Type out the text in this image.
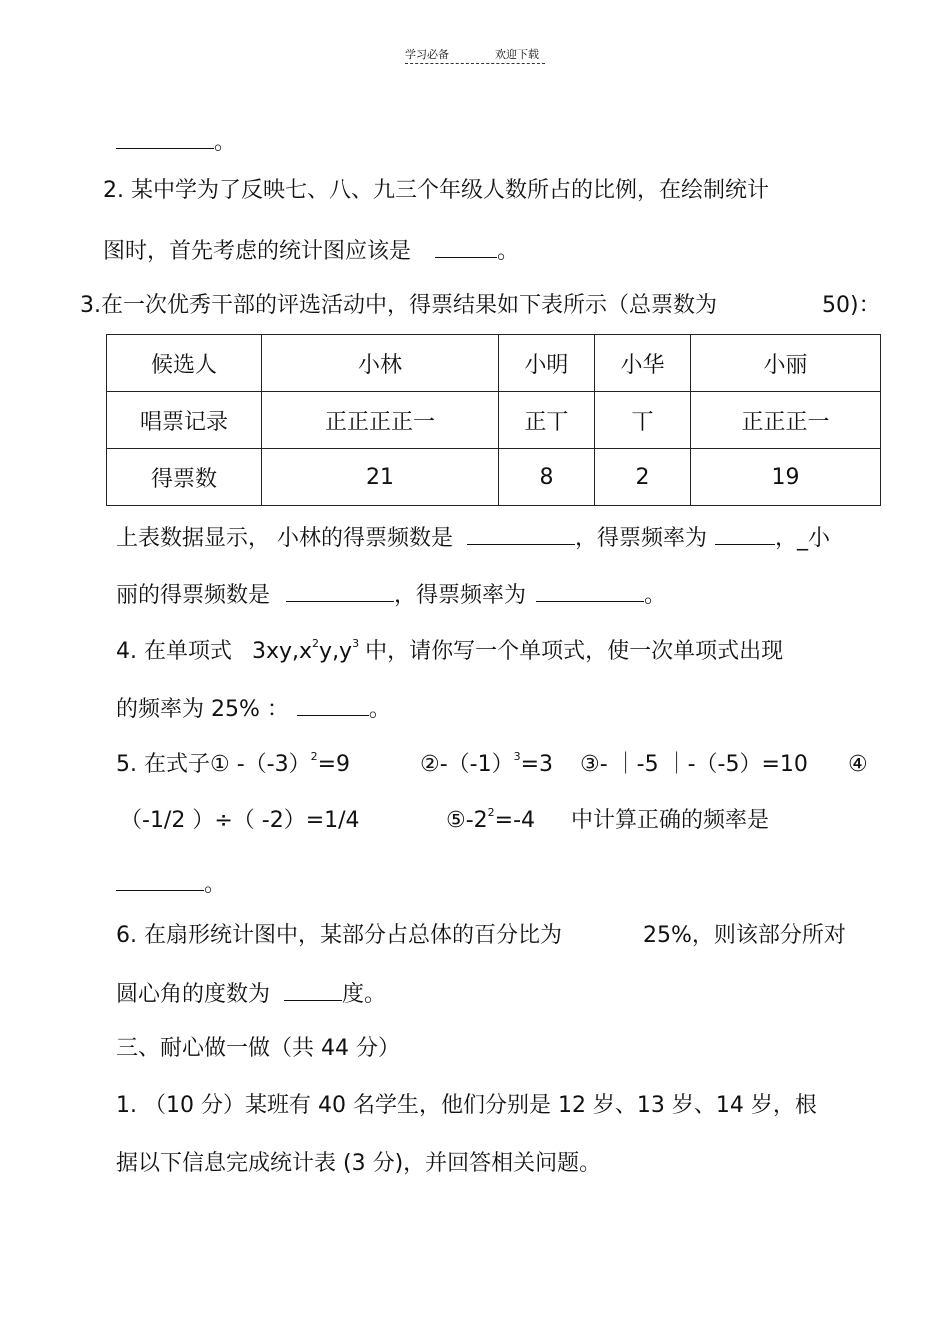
学习必备	欢迎下载
。
2. 某中学为了反映七、八、九三个年级人数所占的比例，在绘制统计
图时，首先考虑的统计图应该是	。
3.在一次优秀干部的评选活动中，得票结果如下表所示（总票数为	50)：
候选人	小林	小明	小华	小丽
唱票记录	正正正正一	正丅	丅	正正正一
得票数	21	8	2	19
上表数据显示， 小林的得票频数是	，得票频率为	，_小
丽的得票频数是	，得票频率为	。
4. 在单项式 $3xy,x^2y,y^3$ 中，请你写一个单项式，使一次单项式出现
的频率为 25% ：	。
5. 在式子① $-(-3)^2=9$	$②-(-1)^3=3$ ③- ｜-5 ｜-（-5）=10 ④
（-1/2 ）÷（ -2）=1/4	$⑤-2^2=-4$ 中计算正确的频率是
。
6. 在扇形统计图中，某部分占总体的百分比为	25%，则该部分所对
圆心角的度数为	度。
三、耐心做一做（共 44 分）
1. （10 分）某班有 40 名学生，他们分别是 12 岁、13 岁、14 岁，根
据以下信息完成统计表 (3 分)，并回答相关问题。
